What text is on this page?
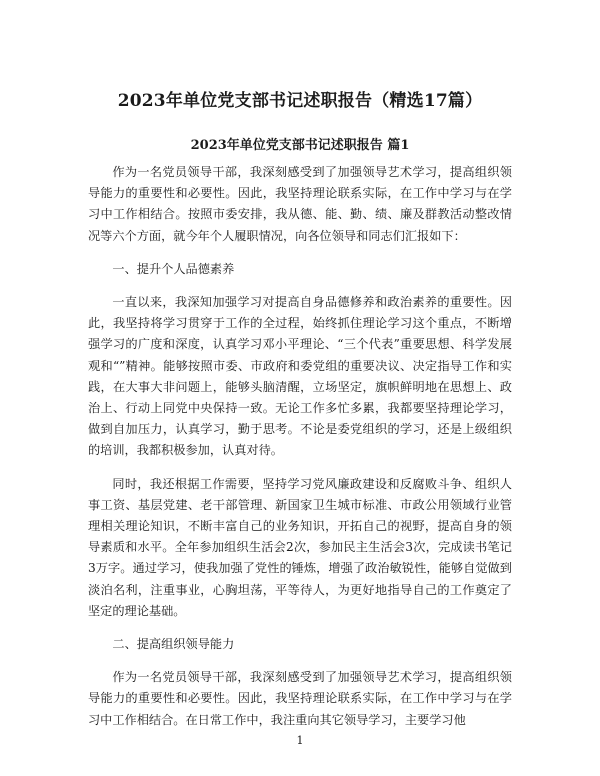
2023年单位党支部书记述职报告（精选17篇）
2023年单位党支部书记述职报告 篇1

作为一名党员领导干部，我深刻感受到了加强领导艺术学习，提高组织领导能力的重要性和必要性。因此，我坚持理论联系实际，在工作中学习与在学习中工作相结合。按照市委安排，我从德、能、勤、绩、廉及群教活动整改情况等六个方面，就今年个人履职情况，向各位领导和同志们汇报如下：

一、提升个人品德素养

一直以来，我深知加强学习对提高自身品德修养和政治素养的重要性。因此，我坚持将学习贯穿于工作的全过程，始终抓住理论学习这个重点，不断增强学习的广度和深度，认真学习邓小平理论、“三个代表”重要思想、科学发展观和“”精神。能够按照市委、市政府和委党组的重要决议、决定指导工作和实践，在大事大非问题上，能够头脑清醒，立场坚定，旗帜鲜明地在思想上、政治上、行动上同党中央保持一致。无论工作多忙多累，我都要坚持理论学习，做到自加压力，认真学习，勤于思考。不论是委党组织的学习，还是上级组织的培训，我都积极参加，认真对待。

同时，我还根据工作需要，坚持学习党风廉政建设和反腐败斗争、组织人事工资、基层党建、老干部管理、新国家卫生城市标准、市政公用领域行业管理相关理论知识，不断丰富自己的业务知识，开拓自己的视野，提高自身的领导素质和水平。全年参加组织生活会2次，参加民主生活会3次，完成读书笔记3万字。通过学习，使我加强了党性的锤炼，增强了政治敏锐性，能够自觉做到淡泊名利，注重事业，心胸坦荡，平等待人，为更好地指导自己的工作奠定了坚定的理论基础。

二、提高组织领导能力

作为一名党员领导干部，我深刻感受到了加强领导艺术学习，提高组织领导能力的重要性和必要性。因此，我坚持理论联系实际，在工作中学习与在学习中工作相结合。在日常工作中，我注重向其它领导学习，主要学习他

1
